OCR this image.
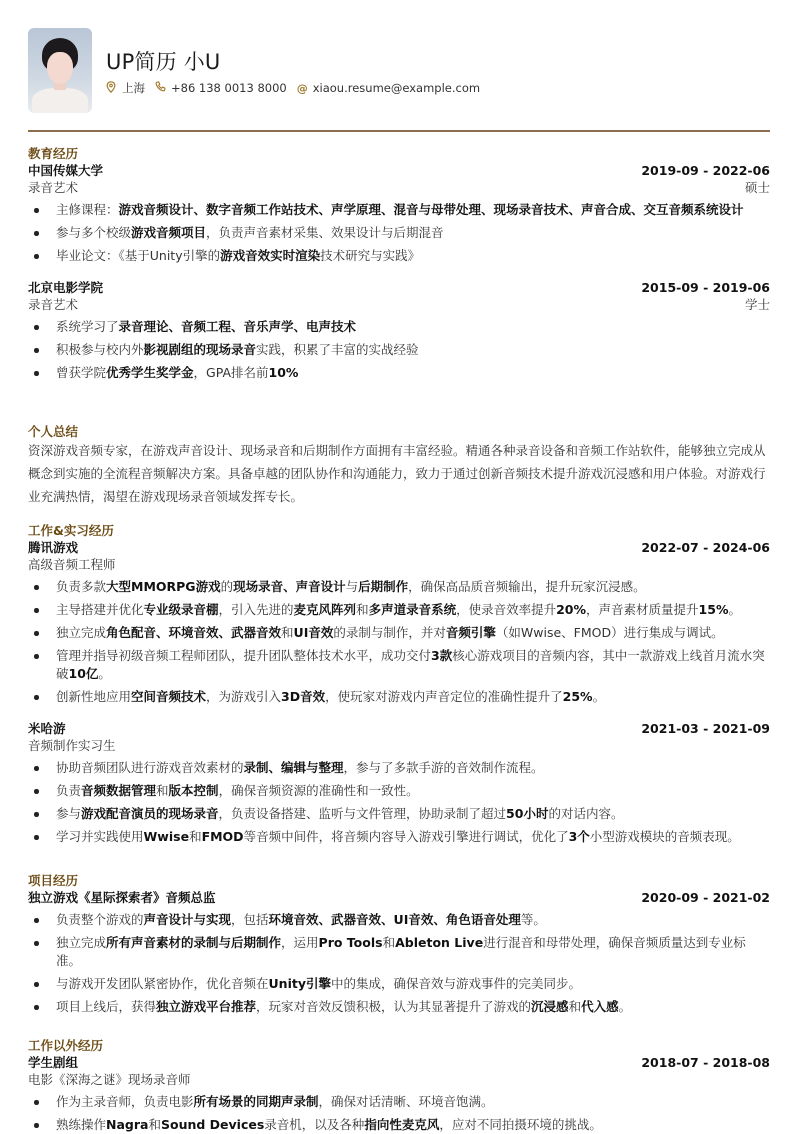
UP简历 小U
上海 +86 138 0013 8000 @ xiaou.resume@example.com
教育经历
中国传媒大学	2019-09 - 2022-06
录音艺术	硕士
主修课程：游戏音频设计、数字音频工作站技术、声学原理、混音与母带处理、现场录音技术、声音合成、交互音频系统设计
参与多个校级游戏音频项目，负责声音素材采集、效果设计与后期混音
毕业论文：《基于Unity引擎的游戏音效实时渲染技术研究与实践》
北京电影学院	2015-09 - 2019-06
录音艺术	学士
系统学习了录音理论、音频工程、音乐声学、电声技术
积极参与校内外影视剧组的现场录音实践，积累了丰富的实战经验
曾获学院优秀学生奖学金，GPA排名前10%
个人总结
资深游戏音频专家，在游戏声音设计、现场录音和后期制作方面拥有丰富经验。精通各种录音设备和音频工作站软件，能够独立完成从概念到实施的全流程音频解决方案。具备卓越的团队协作和沟通能力，致力于通过创新音频技术提升游戏沉浸感和用户体验。对游戏行业充满热情，渴望在游戏现场录音领域发挥专长。
工作&实习经历
腾讯游戏	2022-07 - 2024-06
高级音频工程师
负责多款大型MMORPG游戏的现场录音、声音设计与后期制作，确保高品质音频输出，提升玩家沉浸感。
主导搭建并优化专业级录音棚，引入先进的麦克风阵列和多声道录音系统，使录音效率提升20%，声音素材质量提升15%。
独立完成角色配音、环境音效、武器音效和UI音效的录制与制作，并对音频引擎（如Wwise、FMOD）进行集成与调试。
管理并指导初级音频工程师团队，提升团队整体技术水平，成功交付3款核心游戏项目的音频内容，其中一款游戏上线首月流水突破10亿。
创新性地应用空间音频技术，为游戏引入3D音效，使玩家对游戏内声音定位的准确性提升了25%。
米哈游	2021-03 - 2021-09
音频制作实习生
协助音频团队进行游戏音效素材的录制、编辑与整理，参与了多款手游的音效制作流程。
负责音频数据管理和版本控制，确保音频资源的准确性和一致性。
参与游戏配音演员的现场录音，负责设备搭建、监听与文件管理，协助录制了超过50小时的对话内容。
学习并实践使用Wwise和FMOD等音频中间件，将音频内容导入游戏引擎进行调试，优化了3个小型游戏模块的音频表现。
项目经历
独立游戏《星际探索者》音频总监	2020-09 - 2021-02
负责整个游戏的声音设计与实现，包括环境音效、武器音效、UI音效、角色语音处理等。
独立完成所有声音素材的录制与后期制作，运用Pro Tools和Ableton Live进行混音和母带处理，确保音频质量达到专业标准。
与游戏开发团队紧密协作，优化音频在Unity引擎中的集成，确保音效与游戏事件的完美同步。
项目上线后，获得独立游戏平台推荐，玩家对音效反馈积极，认为其显著提升了游戏的沉浸感和代入感。
工作以外经历
学生剧组	2018-07 - 2018-08
电影《深海之谜》现场录音师
作为主录音师，负责电影所有场景的同期声录制，确保对话清晰、环境音饱满。
熟练操作Nagra和Sound Devices录音机，以及各种指向性麦克风，应对不同拍摄环境的挑战。
